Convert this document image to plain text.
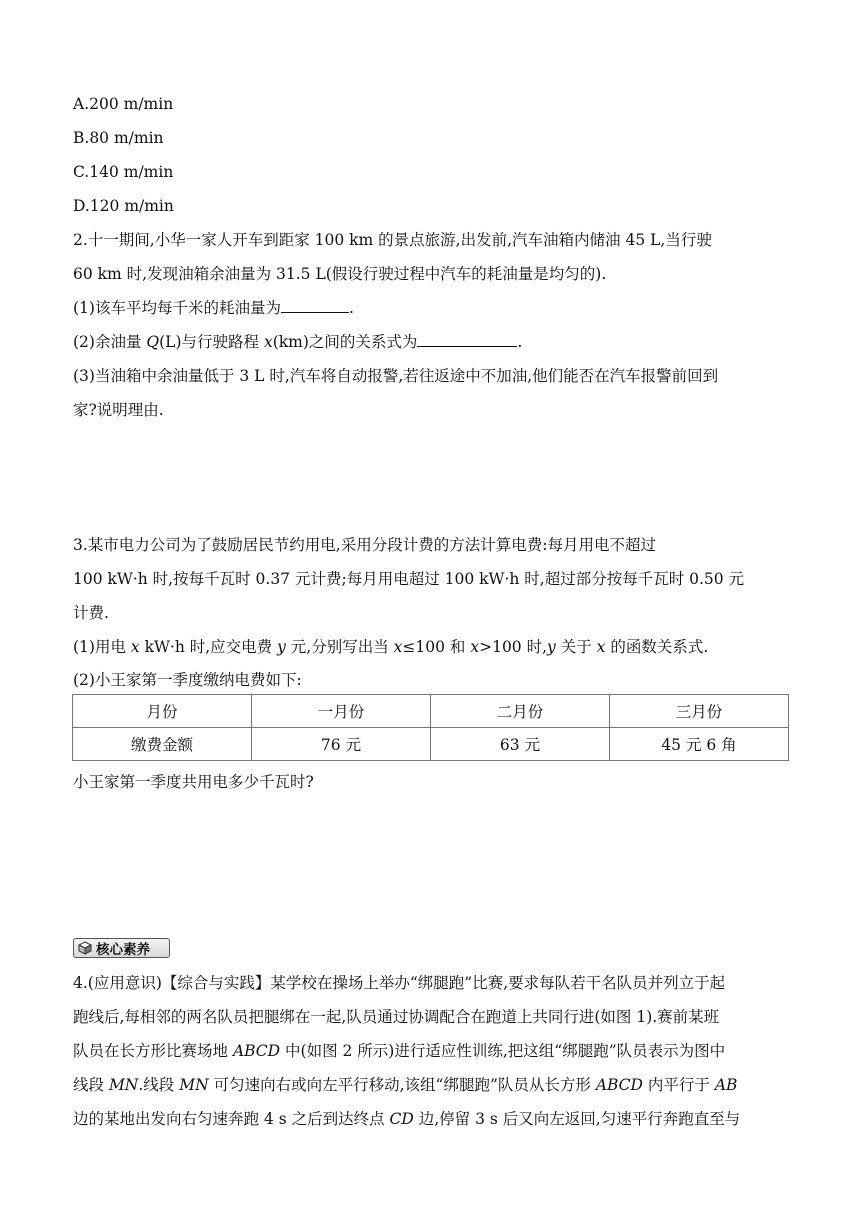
A.200 m/min
B.80 m/min
C.140 m/min
D.120 m/min
2.十一期间,小华一家人开车到距家 100 km 的景点旅游,出发前,汽车油箱内储油 45 L,当行驶
60 km 时,发现油箱余油量为 31.5 L(假设行驶过程中汽车的耗油量是均匀的).
(1)该车平均每千米的耗油量为	.
(2)余油量 Q(L)与行驶路程 x(km)之间的关系式为	.
(3)当油箱中余油量低于 3 L 时,汽车将自动报警,若往返途中不加油,他们能否在汽车报警前回到
家?说明理由.
3.某市电力公司为了鼓励居民节约用电,采用分段计费的方法计算电费:每月用电不超过
100 kW·h 时,按每千瓦时 0.37 元计费;每月用电超过 100 kW·h 时,超过部分按每千瓦时 0.50 元
计费.
(1)用电 x kW·h 时,应交电费 y 元,分别写出当 x≤100 和 x>100 时,y 关于 x 的函数关系式.
(2)小王家第一季度缴纳电费如下:
月份	一月份	二月份	三月份
缴费金额	76 元	63 元	45 元 6 角
小王家第一季度共用电多少千瓦时?
核心素养
4.(应用意识)【综合与实践】某学校在操场上举办“绑腿跑”比赛,要求每队若干名队员并列立于起
跑线后,每相邻的两名队员把腿绑在一起,队员通过协调配合在跑道上共同行进(如图 1).赛前某班
队员在长方形比赛场地 ABCD 中(如图 2 所示)进行适应性训练,把这组“绑腿跑”队员表示为图中
线段 MN.线段 MN 可匀速向右或向左平行移动,该组“绑腿跑”队员从长方形 ABCD 内平行于 AB
边的某地出发向右匀速奔跑 4 s 之后到达终点 CD 边,停留 3 s 后又向左返回,匀速平行奔跑直至与
